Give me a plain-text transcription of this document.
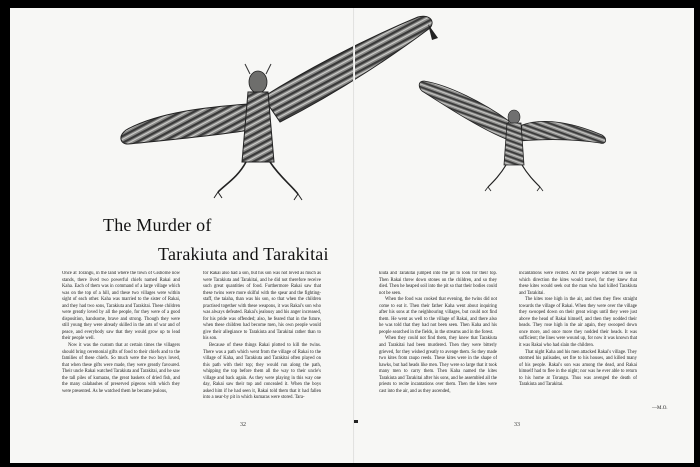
The Murder of
Tarakiuta and Tarakitai

Once at Torangu, in the land where the town of Gisborne now stands, there lived two powerful chiefs named Rakai and Kaha. Each of them was in command of a large village which was on the top of a hill, and these two villages were within sight of each other. Kaha was married to the sister of Rakai, and they had two sons, Tarakiuta and Tarakitai. These children were greatly loved by all the people, for they were of a good disposition, handsome, brave and strong. Though they were still young they were already skilled in the arts of war and of peace, and everybody saw that they would grow up to lead their people well.

Now it was the custom that at certain times the villagers should bring ceremonial gifts of food to their chiefs and to the families of these chiefs. So much were the two boys loved, that when these gifts were made, they were greatly favoured. Their uncle Rakai watched Tarakiuta and Tarakitai, and he saw the tall piles of kumaras, the great baskets of dried fish, and the many calabashes of preserved pigeons with which they were presented. As he watched them he became jealous,

for Rakai also had a son, but his son was not loved as much as were Tarakiuta and Tarakitai, and he did not therefore receive such great quantities of food. Furthermore Rakai saw that these twins were more skilful with the spear and the fighting-staff, the taiaha, than was his son, so that when the children practised together with these weapons, it was Rakai's son who was always defeated. Rakai's jealousy and his anger increased, for his pride was offended; also, he feared that in the future, when these children had become men, his own people would give their allegiance to Tarakiuta and Tarakitai rather than to his son.

Because of these things Rakai plotted to kill the twins. There was a path which went from the village of Rakai to the village of Kaha, and Tarakiuta and Tarakitai often played on this path with their top; they would run along the path, whipping the top before them all the way to their uncle's village and back again. As they were playing in this way one day, Rakai saw their top and concealed it. When the boys asked him if he had seen it, Rakai told them that it had fallen into a near-by pit in which kumaras were stored. Tara-

32

kiuta and Tarakitai jumped into the pit to look for their top. Then Rakai threw down stones on the children, and so they died. Then he heaped soil into the pit so that their bodies could not be seen.

When the food was cooked that evening, the twins did not come to eat it. Then their father Kaha went about inquiring after his sons at the neighbouring villages, but could not find them. He went as well to the village of Rakai, and there also he was told that they had not been seen. Then Kaha and his people searched in the fields, in the streams and in the forest.

When they could not find them, they knew that Tarakiuta and Tarakitai had been murdered. Then they were bitterly grieved, for they wished greatly to avenge them. So they made two kites from raupo reeds. These kites were in the shape of hawks, but had heads like men. They were so large that it took many men to carry them. Then Kaha named the kites Tarakiuta and Tarakitai after his sons, and he assembled all the priests to recite incantations over them. Then the kites were cast into the air, and as they ascended,

incantations were recited. All the people watched to see in which direction the kites would travel, for they knew that these kites would seek out the man who had killed Tarakiuta and Tarakitai.

The kites rose high in the air, and then they flew straight towards the village of Rakai. When they were over the village they swooped down on their great wings until they were just above the head of Rakai himself, and then they nodded their heads. They rose high in the air again, they swooped down once more, and once more they nodded their heads. It was sufficient; the lines were wound up, for now it was known that it was Rakai who had slain the children.

That night Kaha and his men attacked Rakai's village. They stormed his palisades, set fire to his houses, and killed many of his people. Rakai's son was among the dead, and Rakai himself had to flee in the night; nor was he ever able to return to his home at Torangu. Thus was avenged the death of Tarakiuta and Tarakitai.

—M.O.
33
